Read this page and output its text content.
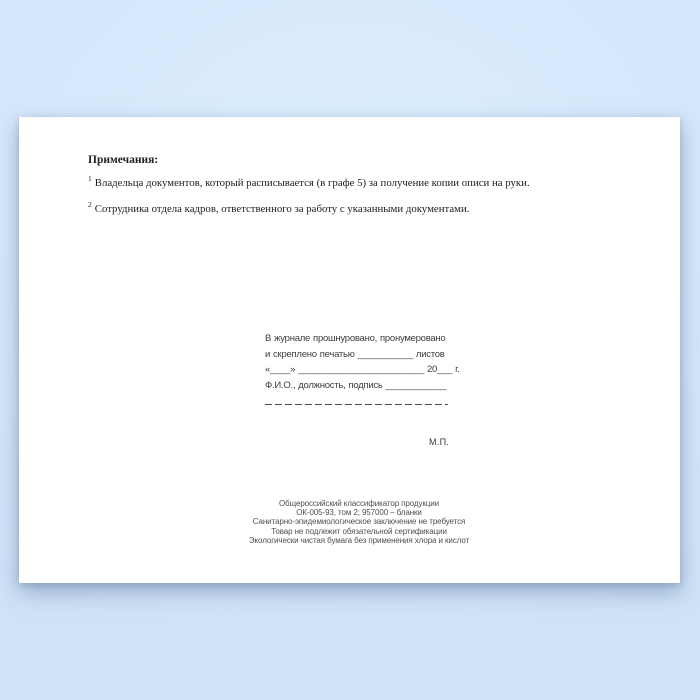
Примечания:
$^1$ Владельца документов, который расписывается (в графе 5) за получение копии описи на руки.
$^2$ Сотрудника отдела кадров, ответственного за работу с указанными документами.
В журнале прошнуровано, пронумеровано
и скреплено печатью ___________ листов
«____» _________________________ 20___ г.
Ф.И.О., должность, подпись ____________
М.П.
Общероссийский классификатор продукции
ОК-005-93, том 2; 957000 – бланки
Санитарно-эпидемиологическое заключение не требуется
Товар не подлежит обязательной сертификации
Экологически чистая бумага без применения хлора и кислот
